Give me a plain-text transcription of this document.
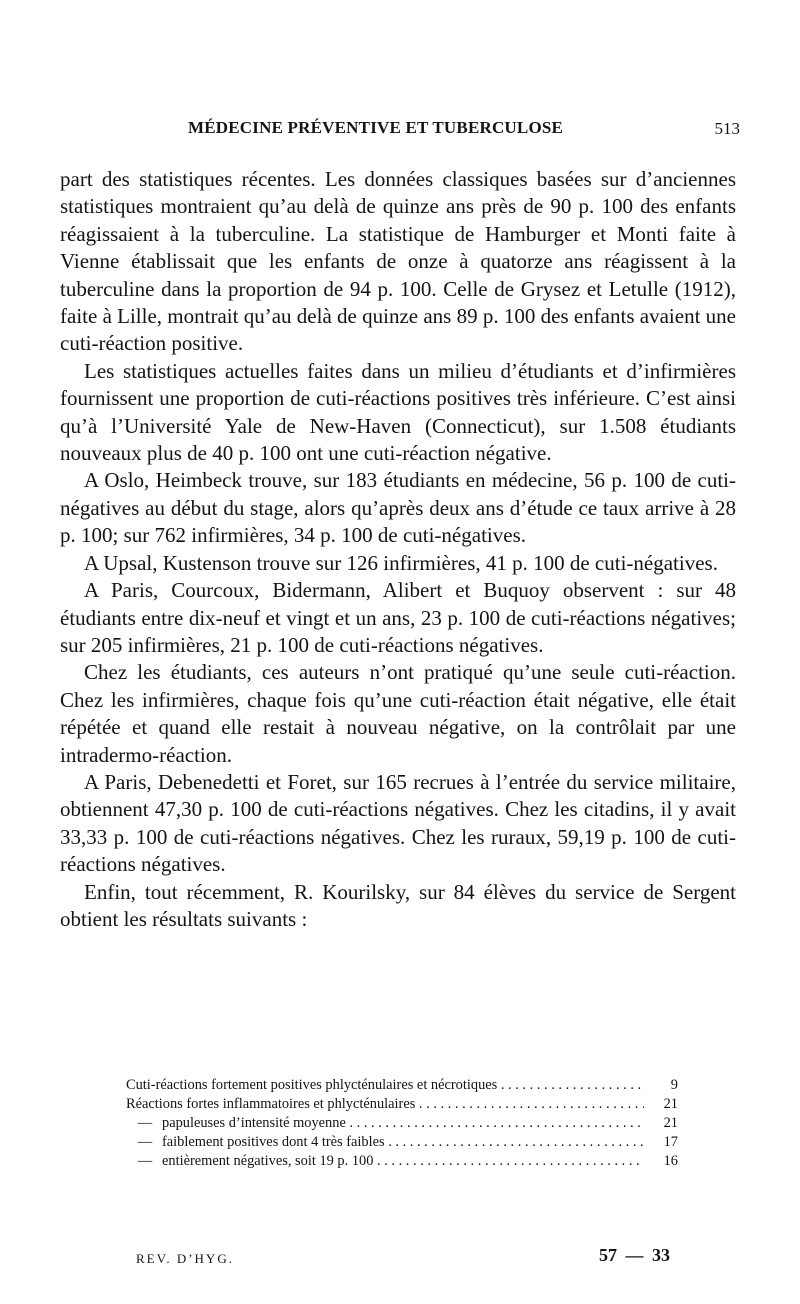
MÉDECINE PRÉVENTIVE ET TUBERCULOSE	513

part des statistiques récentes. Les données classiques basées sur d’anciennes statistiques montraient qu’au delà de quinze ans près de 90 p. 100 des enfants réagissaient à la tuberculine. La statistique de Hamburger et Monti faite à Vienne établissait que les enfants de onze à quatorze ans réagissent à la tuberculine dans la proportion de 94 p. 100. Celle de Grysez et Letulle (1912), faite à Lille, montrait qu’au delà de quinze ans 89 p. 100 des enfants avaient une cuti-réaction positive.

Les statistiques actuelles faites dans un milieu d’étudiants et d’infirmières fournissent une proportion de cuti-réactions positives très inférieure. C’est ainsi qu’à l’Université Yale de New-Haven (Connecticut), sur 1.508 étudiants nouveaux plus de 40 p. 100 ont une cuti-réaction négative.

A Oslo, Heimbeck trouve, sur 183 étudiants en médecine, 56 p. 100 de cuti-négatives au début du stage, alors qu’après deux ans d’étude ce taux arrive à 28 p. 100; sur 762 infirmières, 34 p. 100 de cuti-négatives.

A Upsal, Kustenson trouve sur 126 infirmières, 41 p. 100 de cuti-négatives.

A Paris, Courcoux, Bidermann, Alibert et Buquoy observent : sur 48 étudiants entre dix-neuf et vingt et un ans, 23 p. 100 de cuti-réactions négatives; sur 205 infirmières, 21 p. 100 de cuti-réactions négatives.

Chez les étudiants, ces auteurs n’ont pratiqué qu’une seule cuti-réaction. Chez les infirmières, chaque fois qu’une cuti-réaction était négative, elle était répétée et quand elle restait à nouveau négative, on la contrôlait par une intradermo-réaction.

A Paris, Debenedetti et Foret, sur 165 recrues à l’entrée du service militaire, obtiennent 47,30 p. 100 de cuti-réactions négatives. Chez les citadins, il y avait 33,33 p. 100 de cuti-réactions négatives. Chez les ruraux, 59,19 p. 100 de cuti-réactions négatives.

Enfin, tout récemment, R. Kourilsky, sur 84 élèves du service de Sergent obtient les résultats suivants :

Cuti-réactions fortement positives phlycténulaires et nécrotiques . . .	9
Réactions fortes inflammatoires et phlycténulaires . . .	21
— papuleuses d’intensité moyenne . . .	21
— faiblement positives dont 4 très faibles . . .	17
— entièrement négatives, soit 19 p. 100 . . .	16
REV. D’HYG.	57 — 33
